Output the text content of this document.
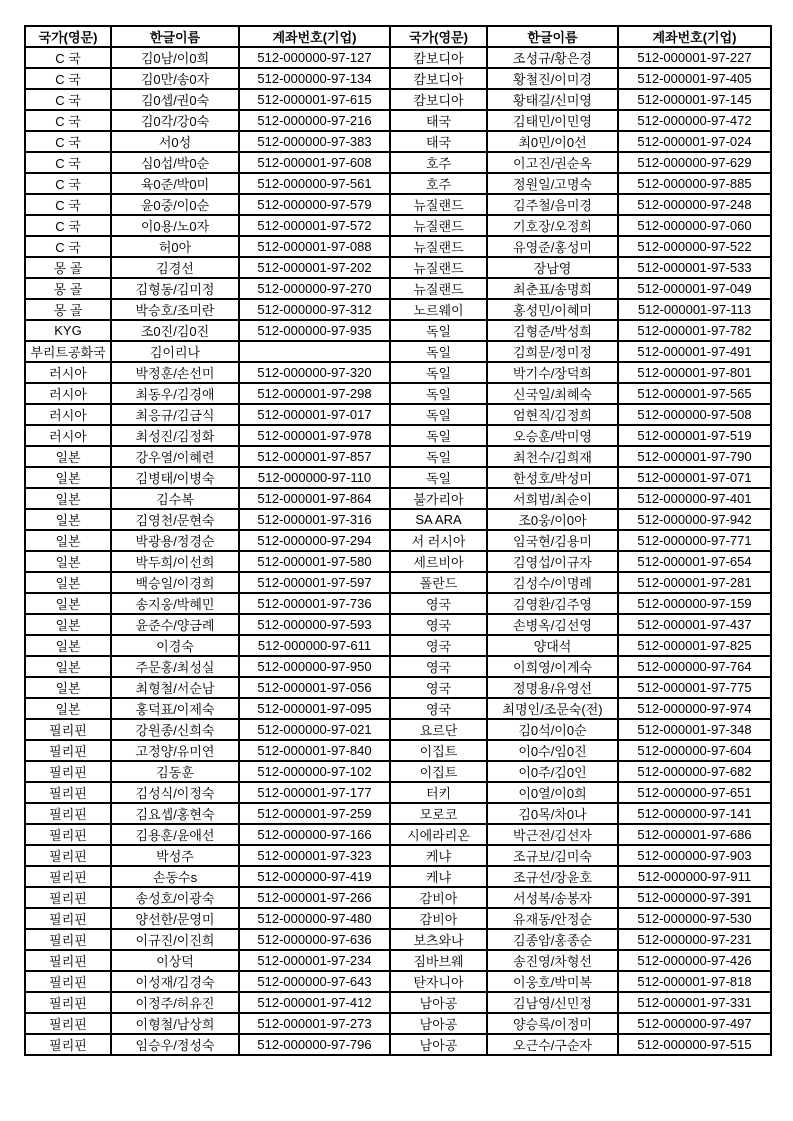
국가(영문)	한글이름	계좌번호(기업)	국가(영문)	한글이름	계좌번호(기업)
C 국	김0남/이0희	512-000000-97-127	캄보디아	조성규/황은경	512-000001-97-227
C 국	김0만/송0자	512-000000-97-134	캄보디아	황철진/이미경	512-000001-97-405
C 국	김0셉/권0숙	512-000001-97-615	캄보디아	황태길/신미영	512-000001-97-145
C 국	김0각/강0숙	512-000000-97-216	태국	김태민/이민영	512-000000-97-472
C 국	서0성	512-000000-97-383	태국	최0민/이0선	512-000001-97-024
C 국	심0섭/박0순	512-000001-97-608	호주	이고진/권순옥	512-000000-97-629
C 국	육0준/박0미	512-000000-97-561	호주	정원일/고명숙	512-000000-97-885
C 국	윤0중/이0순	512-000000-97-579	뉴질랜드	김주철/음미경	512-000000-97-248
C 국	이0용/노0자	512-000001-97-572	뉴질랜드	기호장/오정희	512-000000-97-060
C 국	허0아	512-000001-97-088	뉴질랜드	유영준/홍성미	512-000000-97-522
몽 골	김경선	512-000001-97-202	뉴질랜드	장남영	512-000001-97-533
몽 골	김형동/김미정	512-000000-97-270	뉴질랜드	최춘표/송명희	512-000001-97-049
몽 골	박승호/조미란	512-000000-97-312	노르웨이	홍성민/이혜미	512-000001-97-113
KYG	조0진/김0진	512-000000-97-935	독일	김형준/박성희	512-000001-97-782
부리트공화국	김이리나		독일	김희문/정미정	512-000001-97-491
러시아	박정훈/손선미	512-000000-97-320	독일	박기수/장덕희	512-000001-97-801
러시아	최동우/김경애	512-000001-97-298	독일	신국일/최혜숙	512-000001-97-565
러시아	최응규/김금식	512-000001-97-017	독일	엄현직/김정희	512-000000-97-508
러시아	최성진/김정화	512-000001-97-978	독일	오승훈/박미영	512-000001-97-519
일본	강우열/이혜련	512-000001-97-857	독일	최천수/김희재	512-000001-97-790
일본	김병태/이병숙	512-000000-97-110	독일	한성호/박성미	512-000001-97-071
일본	김수복	512-000001-97-864	불가리아	서희범/최순이	512-000000-97-401
일본	김영천/문현숙	512-000001-97-316	SA ARA	조0웅/이0아	512-000000-97-942
일본	박광용/정경순	512-000000-97-294	서 러시아	임국현/김용미	512-000000-97-771
일본	박두희/이선희	512-000001-97-580	세르비아	김영섭/이규자	512-000001-97-654
일본	백승일/이경희	512-000001-97-597	폴란드	김성수/이명례	512-000001-97-281
일본	송지웅/박혜민	512-000001-97-736	영국	김영환/김주영	512-000000-97-159
일본	윤준수/양금례	512-000000-97-593	영국	손병옥/김선영	512-000001-97-437
일본	이경숙	512-000000-97-611	영국	양대석	512-000001-97-825
일본	주문홍/최성실	512-000000-97-950	영국	이희영/이계숙	512-000000-97-764
일본	최형철/서순남	512-000001-97-056	영국	정명용/유영선	512-000001-97-775
일본	홍덕표/이제숙	512-000001-97-095	영국	최명인/조문숙(전)	512-000000-97-974
필리핀	강원종/신희숙	512-000000-97-021	요르단	김0석/이0순	512-000001-97-348
필리핀	고정양/유미연	512-000001-97-840	이집트	이0수/임0진	512-000000-97-604
필리핀	김동훈	512-000000-97-102	이집트	이0주/김0인	512-000000-97-682
필리핀	김성식/이정숙	512-000001-97-177	터키	이0열/이0희	512-000000-97-651
필리핀	김요셉/홍현숙	512-000001-97-259	모로코	김0목/차0나	512-000000-97-141
필리핀	김용훈/윤애선	512-000000-97-166	시에라리온	박근전/김선자	512-000001-97-686
필리핀	박성주	512-000001-97-323	케냐	조규보/김미숙	512-000000-97-903
필리핀	손동수s	512-000000-97-419	케냐	조규선/장윤호	512-000000-97-911
필리핀	송성호/이광숙	512-000001-97-266	감비아	서성복/송봉자	512-000000-97-391
필리핀	양선한/문영미	512-000000-97-480	감비아	유재동/안정순	512-000000-97-530
필리핀	이규진/이진희	512-000000-97-636	보츠와나	김종암/홍종순	512-000000-97-231
필리핀	이상덕	512-000001-97-234	짐바브웨	송진영/차형선	512-000000-97-426
필리핀	이성재/김경숙	512-000000-97-643	탄자니아	이웅호/박미복	512-000001-97-818
필리핀	이정주/허유진	512-000001-97-412	남아공	김남영/신민정	512-000001-97-331
필리핀	이형철/남상희	512-000001-97-273	남아공	양승록/이정미	512-000000-97-497
필리핀	임승우/정성숙	512-000000-97-796	남아공	오근수/구순자	512-000000-97-515
